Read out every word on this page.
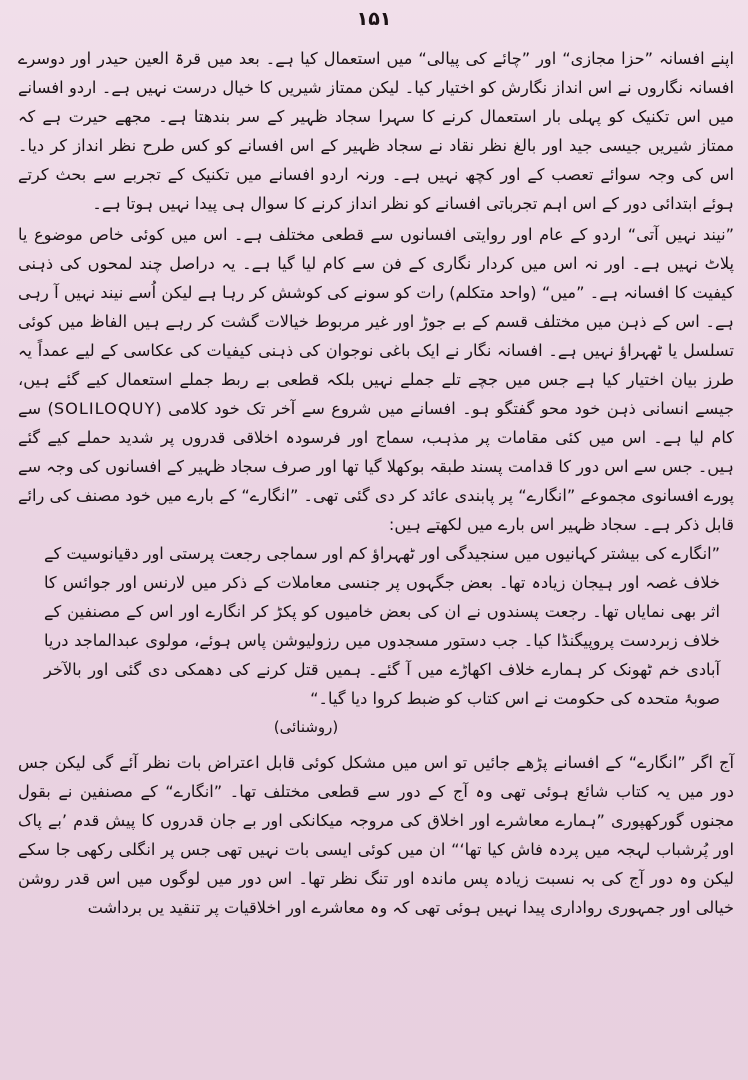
۱۵۱

اپنے افسانہ ”حزا مجازی“ اور ”چائے کی پیالی“ میں استعمال کیا ہے۔ بعد میں قرۃ العین حیدر اور دوسرے افسانہ نگاروں نے اس انداز نگارش کو اختیار کیا۔ لیکن ممتاز شیریں کا خیال درست نہیں ہے۔ اردو افسانے میں اس تکنیک کو پہلی بار استعمال کرنے کا سہرا سجاد ظہیر کے سر بندھتا ہے۔ مجھے حیرت ہے کہ ممتاز شیریں جیسی جید اور بالغ نظر نقاد نے سجاد ظہیر کے اس افسانے کو کس طرح نظر انداز کر دیا۔ اس کی وجہ سوائے تعصب کے اور کچھ نہیں ہے۔ ورنہ اردو افسانے میں تکنیک کے تجربے سے بحث کرتے ہوئے ابتدائی دور کے اس اہم تجرباتی افسانے کو نظر انداز کرنے کا سوال ہی پیدا نہیں ہوتا ہے۔

”نیند نہیں آتی“ اردو کے عام اور روایتی افسانوں سے قطعی مختلف ہے۔ اس میں کوئی خاص موضوع یا پلاٹ نہیں ہے۔ اور نہ اس میں کردار نگاری کے فن سے کام لیا گیا ہے۔ یہ دراصل چند لمحوں کی ذہنی کیفیت کا افسانہ ہے۔ ”میں“ (واحد متکلم) رات کو سونے کی کوشش کر رہا ہے لیکن اُسے نیند نہیں آ رہی ہے۔ اس کے ذہن میں مختلف قسم کے بے جوڑ اور غیر مربوط خیالات گشت کر رہے ہیں الفاظ میں کوئی تسلسل یا ٹھہراؤ نہیں ہے۔ افسانہ نگار نے ایک باغی نوجوان کی ذہنی کیفیات کی عکاسی کے لیے عمداً یہ طرز بیان اختیار کیا ہے جس میں جچے تلے جملے نہیں بلکہ قطعی بے ربط جملے استعمال کیے گئے ہیں، جیسے انسانی ذہن خود محو گفتگو ہو۔ افسانے میں شروع سے آخر تک خود کلامی (SOLILOQUY) سے کام لیا ہے۔ اس میں کئی مقامات پر مذہب، سماج اور فرسودہ اخلاقی قدروں پر شدید حملے کیے گئے ہیں۔ جس سے اس دور کا قدامت پسند طبقہ بوکھلا گیا تھا اور صرف سجاد ظہیر کے افسانوں کی وجہ سے پورے افسانوی مجموعے ”انگارے“ پر پابندی عائد کر دی گئی تھی۔ ”انگارے“ کے بارے میں خود مصنف کی رائے قابل ذکر ہے۔ سجاد ظہیر اس بارے میں لکھتے ہیں:

”انگارے کی بیشتر کہانیوں میں سنجیدگی اور ٹھہراؤ کم اور سماجی رجعت پرستی اور دقیانوسیت کے خلاف غصہ اور ہیجان زیادہ تھا۔ بعض جگہوں پر جنسی معاملات کے ذکر میں لارنس اور جوائس کا اثر بھی نمایاں تھا۔ رجعت پسندوں نے ان کی بعض خامیوں کو پکڑ کر انگارے اور اس کے مصنفین کے خلاف زبردست پروپیگنڈا کیا۔ جب دستور مسجدوں میں رزولیوشن پاس ہوئے، مولوی عبدالماجد دریا آبادی خم ٹھونک کر ہمارے خلاف اکھاڑے میں آ گئے۔ ہمیں قتل کرنے کی دھمکی دی گئی اور بالآخر صوبۂ متحدہ کی حکومت نے اس کتاب کو ضبط کروا دیا گیا۔“

(روشنائی)

آج اگر ”انگارے“ کے افسانے پڑھے جائیں تو اس میں مشکل کوئی قابل اعتراض بات نظر آئے گی لیکن جس دور میں یہ کتاب شائع ہوئی تھی وہ آج کے دور سے قطعی مختلف تھا۔ ”انگارے“ کے مصنفین نے بقول مجنوں گورکھپوری ”ہمارے معاشرے اور اخلاق کی مروجہ میکانکی اور بے جان قدروں کا پیش قدم ’بے پاک اور پُرشباب لہجہ میں پردہ فاش کیا تھا‘“ ان میں کوئی ایسی بات نہیں تھی جس پر انگلی رکھی جا سکے لیکن وہ دور آج کی بہ نسبت زیادہ پس ماندہ اور تنگ نظر تھا۔ اس دور میں لوگوں میں اس قدر روشن خیالی اور جمہوری رواداری پیدا نہیں ہوئی تھی کہ وہ معاشرے اور اخلاقیات پر تنقید یں برداشت
